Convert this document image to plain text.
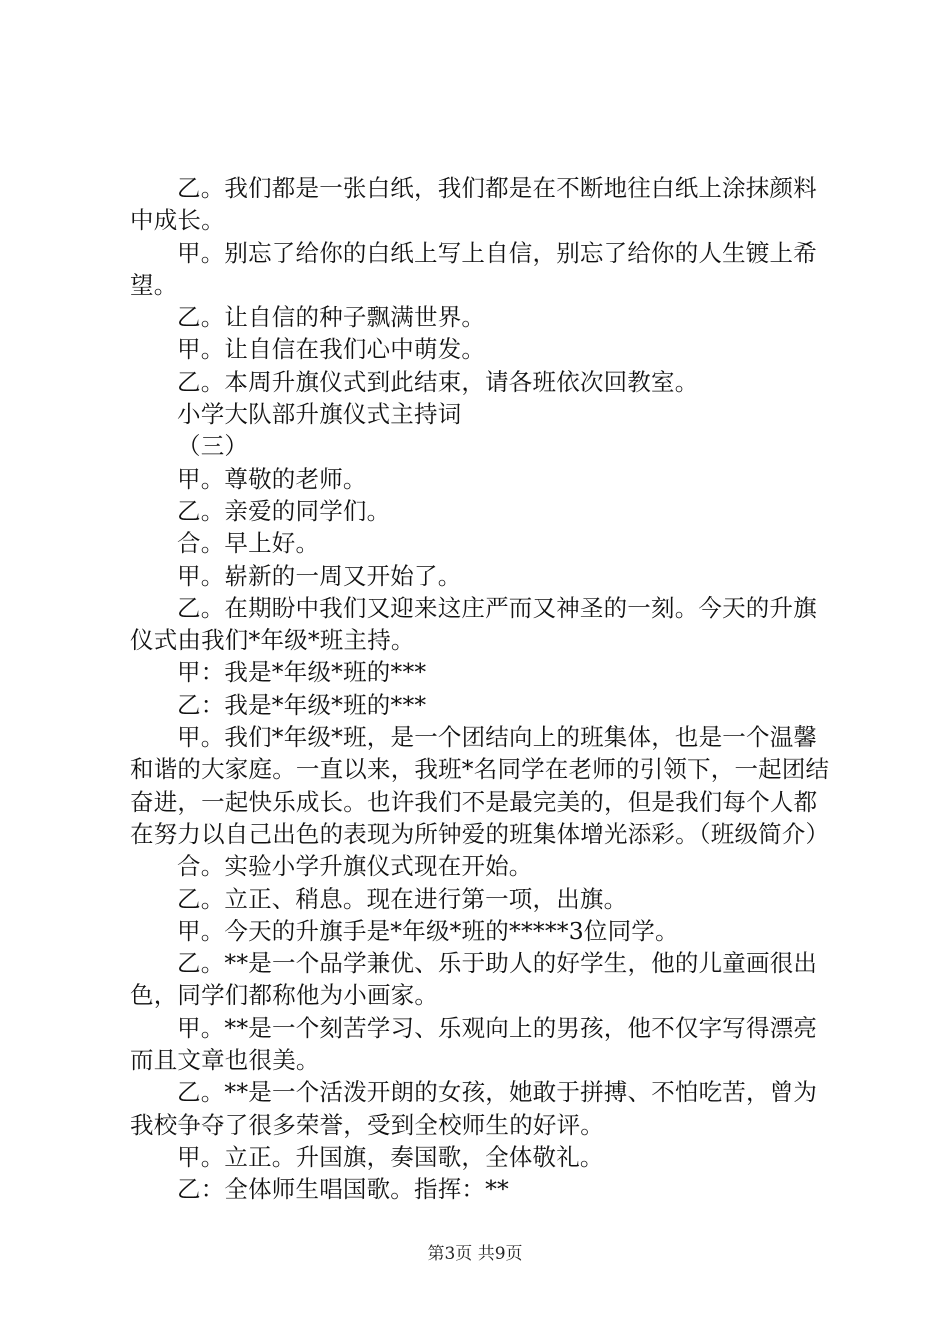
乙。我们都是一张白纸，我们都是在不断地往白纸上涂抹颜料中成长。

甲。别忘了给你的白纸上写上自信，别忘了给你的人生镀上希望。

乙。让自信的种子飘满世界。

甲。让自信在我们心中萌发。

乙。本周升旗仪式到此结束，请各班依次回教室。

小学大队部升旗仪式主持词

（三）

甲。尊敬的老师。

乙。亲爱的同学们。

合。早上好。

甲。崭新的一周又开始了。

乙。在期盼中我们又迎来这庄严而又神圣的一刻。今天的升旗仪式由我们*年级*班主持。

甲：我是*年级*班的***

乙：我是*年级*班的***

甲。我们*年级*班，是一个团结向上的班集体，也是一个温馨和谐的大家庭。一直以来，我班*名同学在老师的引领下，一起团结奋进，一起快乐成长。也许我们不是最完美的，但是我们每个人都在努力以自己出色的表现为所钟爱的班集体增光添彩。（班级简介）

合。实验小学升旗仪式现在开始。

乙。立正、稍息。现在进行第一项，出旗。

甲。今天的升旗手是*年级*班的*****3位同学。

乙。**是一个品学兼优、乐于助人的好学生，他的儿童画很出色，同学们都称他为小画家。

甲。**是一个刻苦学习、乐观向上的男孩，他不仅字写得漂亮而且文章也很美。

乙。**是一个活泼开朗的女孩，她敢于拼搏、不怕吃苦，曾为我校争夺了很多荣誉，受到全校师生的好评。

甲。立正。升国旗，奏国歌，全体敬礼。

乙：全体师生唱国歌。指挥：**

第3页 共9页
